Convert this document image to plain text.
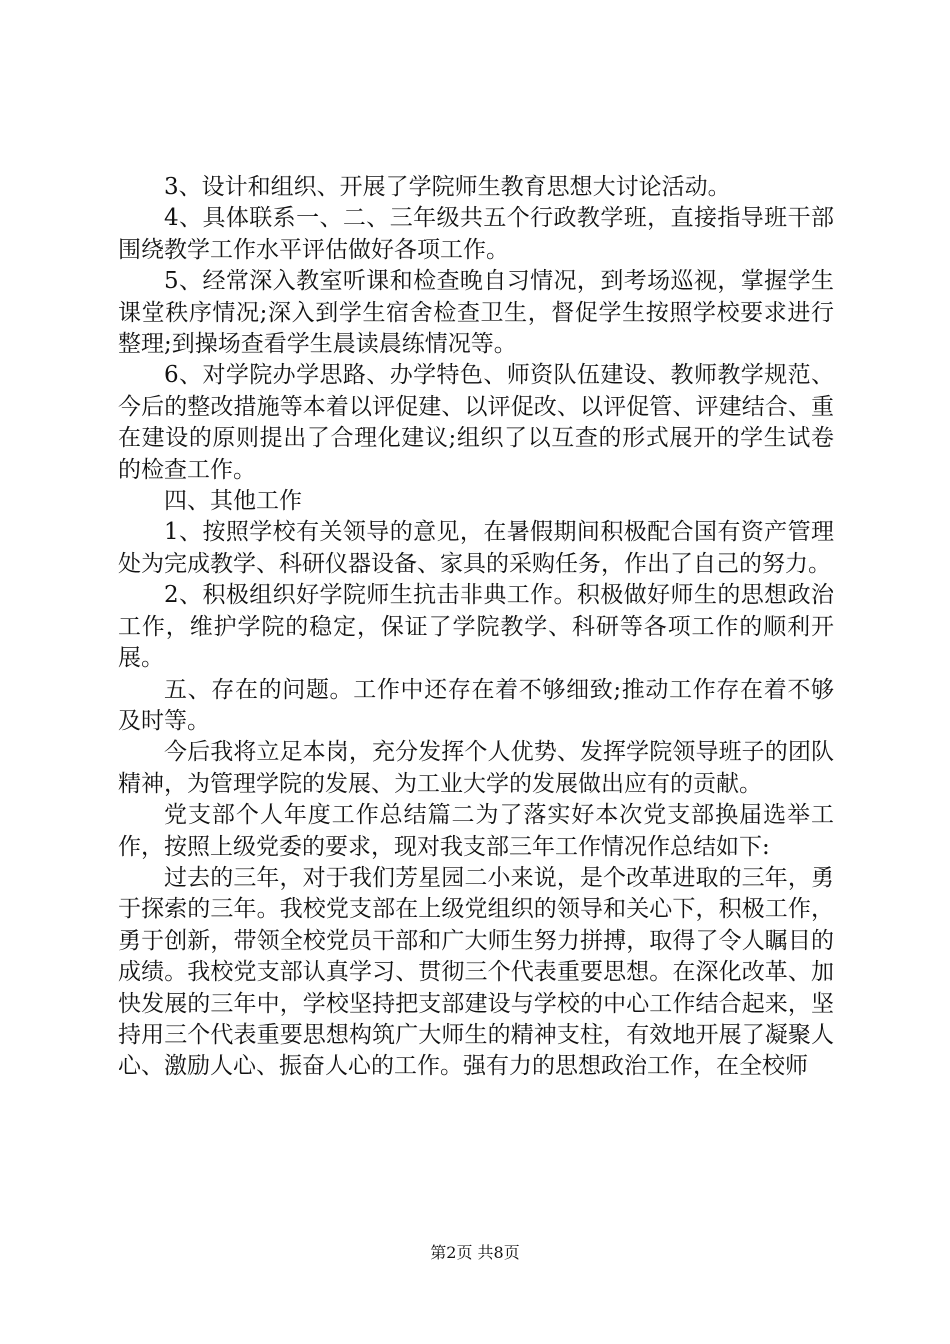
3、设计和组织、开展了学院师生教育思想大讨论活动。

4、具体联系一、二、三年级共五个行政教学班，直接指导班干部围绕教学工作水平评估做好各项工作。

5、经常深入教室听课和检查晚自习情况，到考场巡视，掌握学生课堂秩序情况;深入到学生宿舍检查卫生，督促学生按照学校要求进行整理;到操场查看学生晨读晨练情况等。

6、对学院办学思路、办学特色、师资队伍建设、教师教学规范、今后的整改措施等本着以评促建、以评促改、以评促管、评建结合、重在建设的原则提出了合理化建议;组织了以互查的形式展开的学生试卷的检查工作。

四、其他工作

1、按照学校有关领导的意见，在暑假期间积极配合国有资产管理处为完成教学、科研仪器设备、家具的采购任务，作出了自己的努力。

2、积极组织好学院师生抗击非典工作。积极做好师生的思想政治工作，维护学院的稳定，保证了学院教学、科研等各项工作的顺利开展。

五、存在的问题。工作中还存在着不够细致;推动工作存在着不够及时等。

今后我将立足本岗，充分发挥个人优势、发挥学院领导班子的团队精神，为管理学院的发展、为工业大学的发展做出应有的贡献。

党支部个人年度工作总结篇二为了落实好本次党支部换届选举工作，按照上级党委的要求，现对我支部三年工作情况作总结如下:

过去的三年，对于我们芳星园二小来说，是个改革进取的三年，勇于探索的三年。我校党支部在上级党组织的领导和关心下，积极工作，勇于创新，带领全校党员干部和广大师生努力拼搏，取得了令人瞩目的成绩。我校党支部认真学习、贯彻三个代表重要思想。在深化改革、加快发展的三年中，学校坚持把支部建设与学校的中心工作结合起来，坚持用三个代表重要思想构筑广大师生的精神支柱，有效地开展了凝聚人心、激励人心、振奋人心的工作。强有力的思想政治工作，在全校师

第2页 共8页
